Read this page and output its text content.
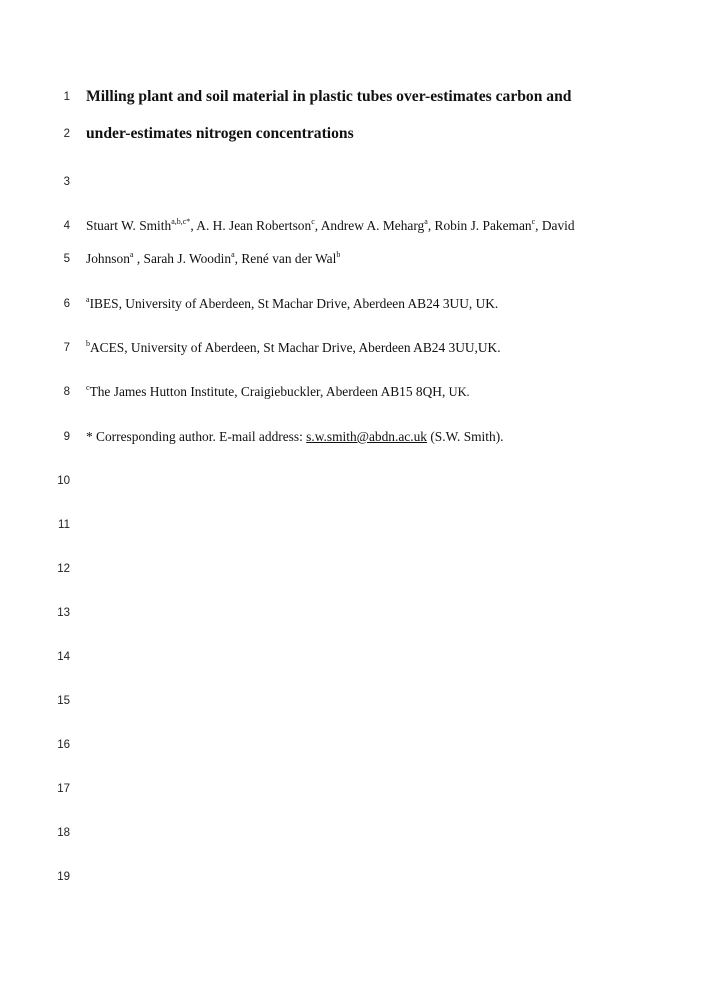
1 Milling plant and soil material in plastic tubes over-estimates carbon and
2 under-estimates nitrogen concentrations
3
4 Stuart W. Smith$^{a,b,c*}$, A. H. Jean Robertson$^c$, Andrew A. Meharg$^a$, Robin J. Pakeman$^c$, David
5 Johnson$^a$ , Sarah J. Woodin$^a$, René van der Wal$^b$
6 $^a$IBES, University of Aberdeen, St Machar Drive, Aberdeen AB24 3UU, UK.
7 $^b$ACES, University of Aberdeen, St Machar Drive, Aberdeen AB24 3UU,UK.
8 $^c$The James Hutton Institute, Craigiebuckler, Aberdeen AB15 8QH, UK.
9 * Corresponding author. E-mail address: s.w.smith@abdn.ac.uk (S.W. Smith).
10
11
12
13
14
15
16
17
18
19
